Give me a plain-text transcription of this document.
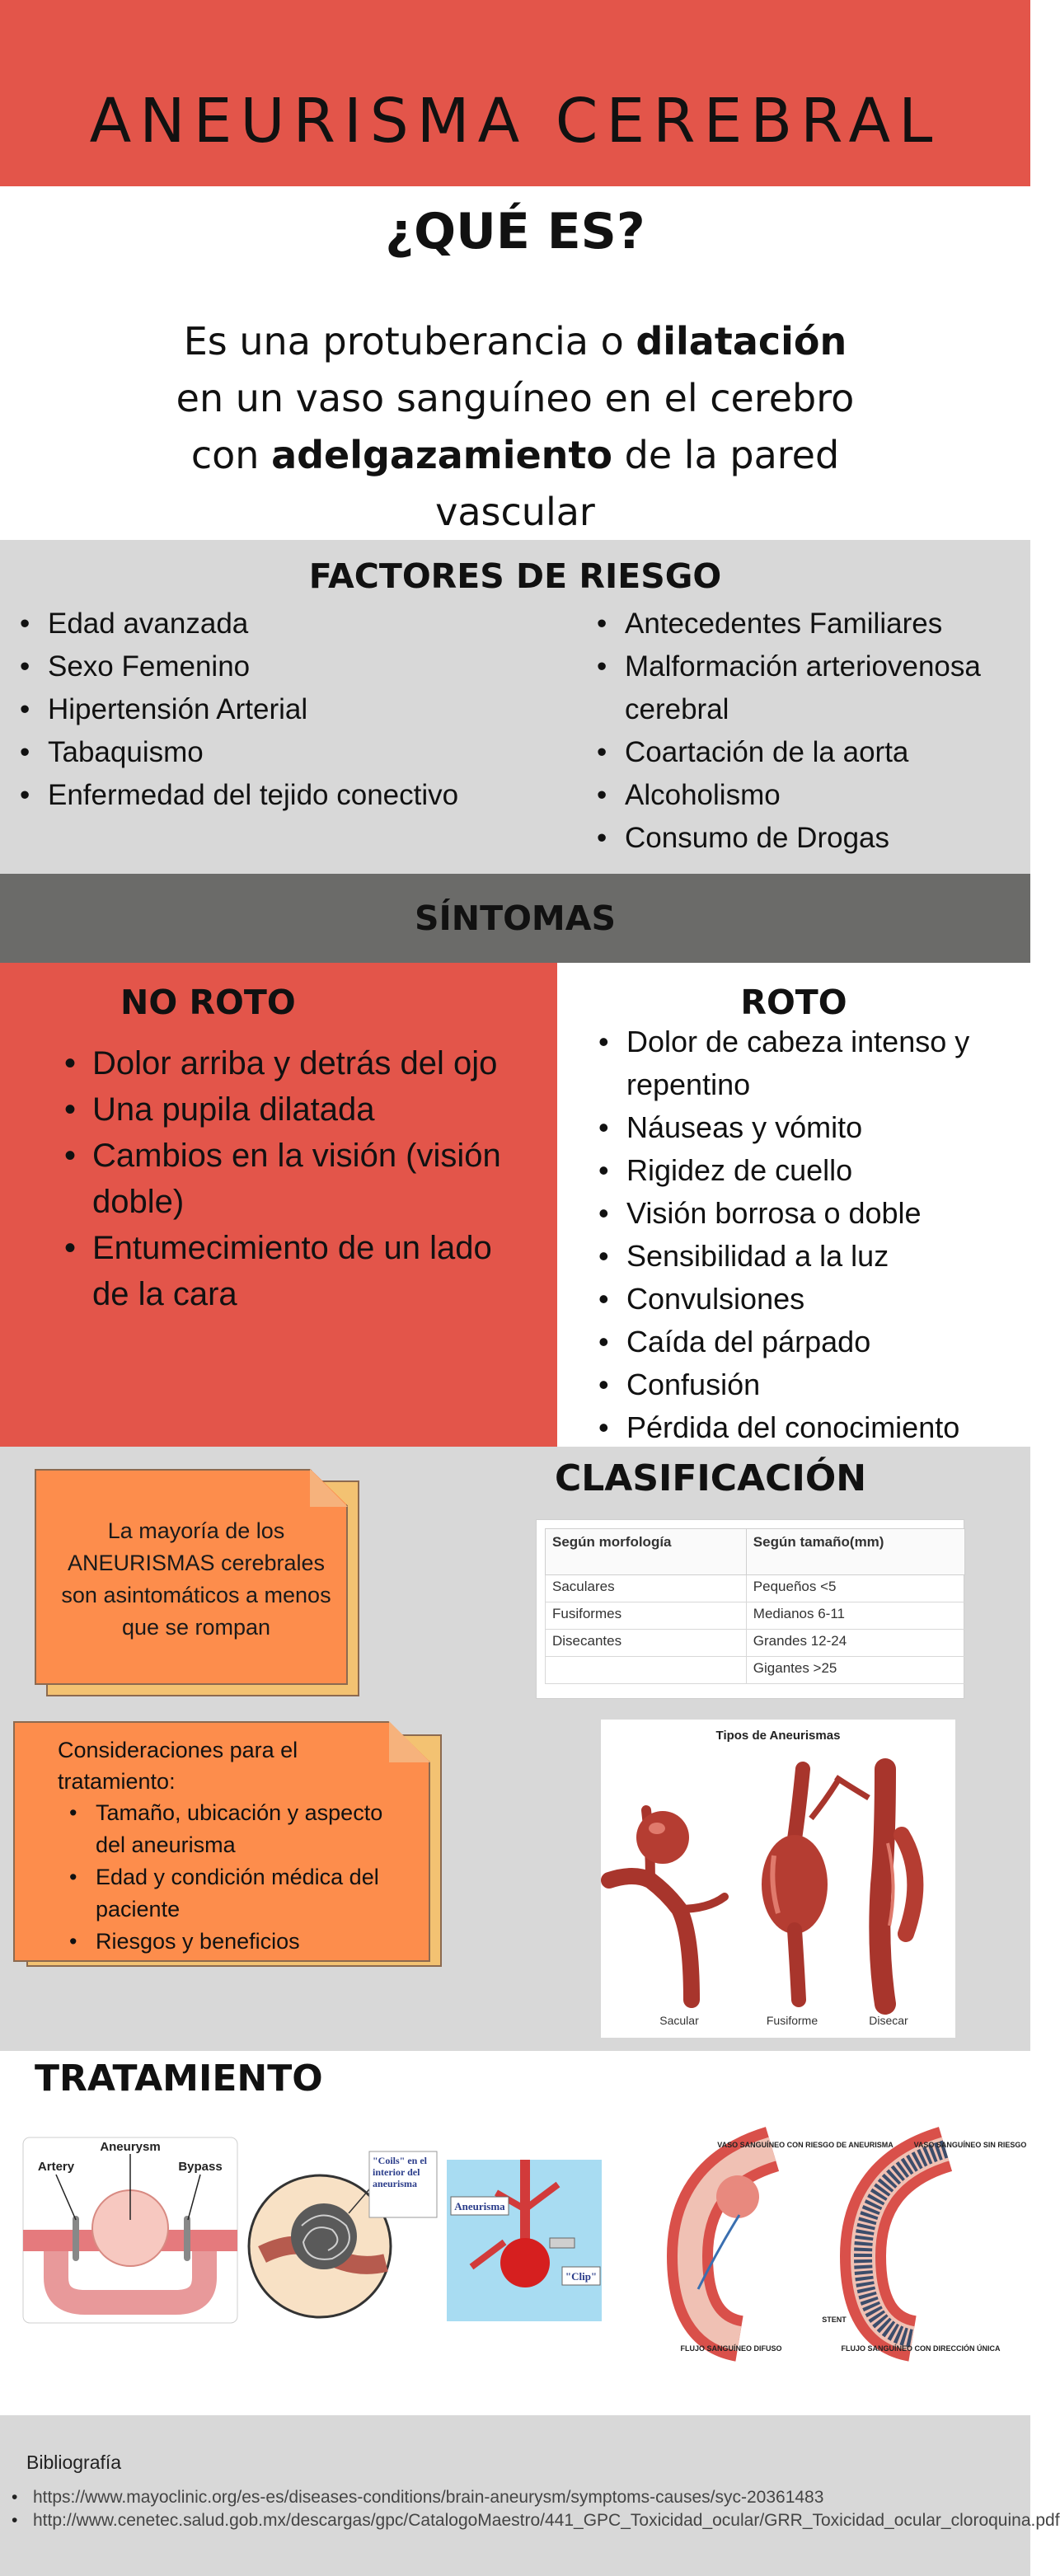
ANEURISMA CEREBRAL
¿QUÉ ES?
Es una protuberancia o dilatación en un vaso sanguíneo en el cerebro con adelgazamiento de la pared vascular
FACTORES DE RIESGO
• Edad avanzada
• Sexo Femenino
• Hipertensión Arterial
• Tabaquismo
• Enfermedad del tejido conectivo
• Antecedentes Familiares
• Malformación arteriovenosa cerebral
• Coartación de la aorta
• Alcoholismo
• Consumo de Drogas
SÍNTOMAS
NO ROTO
• Dolor arriba y detrás del ojo
• Una pupila dilatada
• Cambios en la visión (visión doble)
• Entumecimiento de un lado de la cara
ROTO
• Dolor de cabeza intenso y repentino
• Náuseas y vómito
• Rigidez de cuello
• Visión borrosa o doble
• Sensibilidad a la luz
• Convulsiones
• Caída del párpado
• Confusión
• Pérdida del conocimiento
CLASIFICACIÓN
La mayoría de los ANEURISMAS cerebrales son asintomáticos a menos que se rompan
Consideraciones para el tratamiento:
• Tamaño, ubicación y aspecto del aneurisma
• Edad y condición médica del paciente
• Riesgos y beneficios
Según morfología	Según tamaño(mm)
Saculares	Pequeños <5
Fusiformes	Medianos 6-11
Disecantes	Grandes 12-24
	Gigantes >25
Tipos de Aneurismas
Sacular	Fusiforme	Disecar
TRATAMIENTO
Aneurysm
Artery	Bypass	"Coils" en el interior del aneurisma
Aneurisma
"Clip"
VASO SANGUÍNEO CON RIESGO DE ANEURISMA	VASO SANGUÍNEO SIN RIESGO
STENT
FLUJO SANGUÍNEO DIFUSO	FLUJO SANGUÍNEO CON DIRECCIÓN ÚNICA
Bibliografía
• https://www.mayoclinic.org/es-es/diseases-conditions/brain-aneurysm/symptoms-causes/syc-20361483
• http://www.cenetec.salud.gob.mx/descargas/gpc/CatalogoMaestro/441_GPC_Toxicidad_ocular/GRR_Toxicidad_ocular_cloroquina.pdf
